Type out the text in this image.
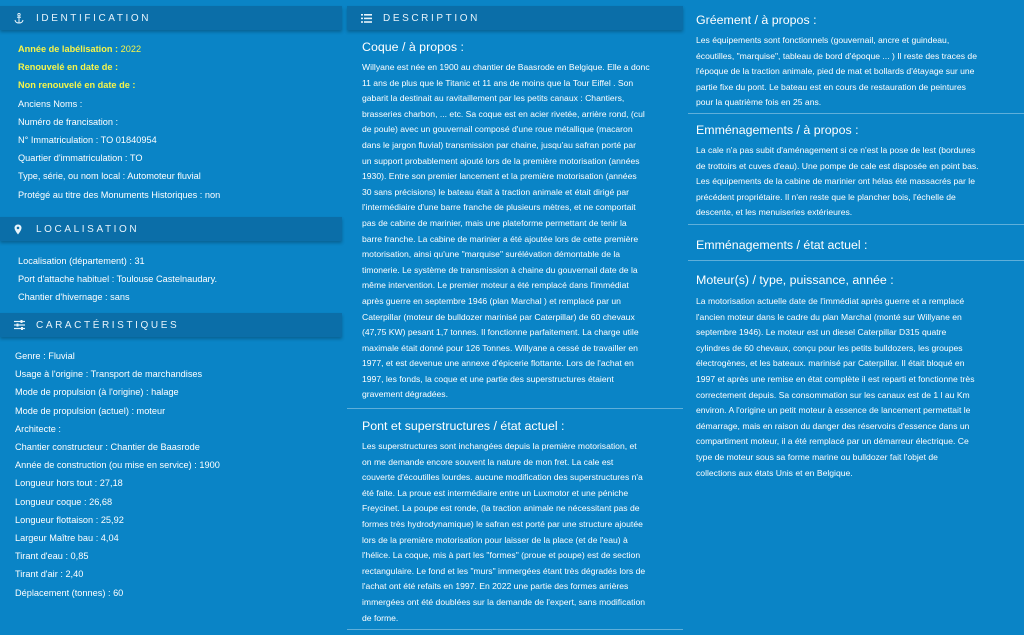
IDENTIFICATION
Année de labélisation : 2022
Renouvelé en date de :
Non renouvelé en date de :
Anciens Noms :
Numéro de francisation :
N° Immatriculation : TO 01840954
Quartier d'immatriculation : TO
Type, série, ou nom local : Automoteur fluvial
Protégé au titre des Monuments Historiques : non
LOCALISATION
Localisation (département) : 31
Port d'attache habituel : Toulouse Castelnaudary.
Chantier d'hivernage : sans
CARACTÉRISTIQUES
Genre : Fluvial
Usage à l'origine : Transport de marchandises
Mode de propulsion (à l'origine) : halage
Mode de propulsion (actuel) : moteur
Architecte :
Chantier constructeur : Chantier de Baasrode
Année de construction (ou mise en service) : 1900
Longueur hors tout : 27,18
Longueur coque : 26,68
Longueur flottaison : 25,92
Largeur Maître bau : 4,04
Tirant d'eau : 0,85
Tirant d'air : 2,40
Déplacement (tonnes) : 60
DESCRIPTION
Coque / à propos :
Willyane est née en 1900 au chantier de Baasrode en Belgique. Elle a donc
11 ans de plus que le Titanic et 11 ans de moins que la Tour Eiffel . Son
gabarit la destinait au ravitaillement par les petits canaux : Chantiers,
brasseries charbon, ... etc. Sa coque est en acier rivetée, arrière rond, (cul
de poule) avec un gouvernail composé d'une roue métallique (macaron
dans le jargon fluvial) transmission par chaine, jusqu'au safran porté par
un support probablement ajouté lors de la première motorisation (années
1930). Entre son premier lancement et la première motorisation (années
30 sans précisions) le bateau était à traction animale et était dirigé par
l'intermédiaire d'une barre franche de plusieurs mètres, et ne comportait
pas de cabine de marinier, mais une plateforme permettant de tenir la
barre franche. La cabine de marinier a été ajoutée lors de cette première
motorisation, ainsi qu'une "marquise" surélévation démontable de la
timonerie. Le système de transmission à chaine du gouvernail date de la
même intervention. Le premier moteur a été remplacé dans l'immédiat
après guerre en septembre 1946 (plan Marchal ) et remplacé par un
Caterpillar (moteur de bulldozer marinisé par Caterpillar) de 60 chevaux
(47,75 KW) pesant 1,7 tonnes. Il fonctionne parfaitement. La charge utile
maximale était donné pour 126 Tonnes. Willyane a cessé de travailler en
1977, et est devenue une annexe d'épicerie flottante. Lors de l'achat en
1997, les fonds, la coque et une partie des superstructures étaient
gravement dégradées.
Pont et superstructures / état actuel :
Les superstructures sont inchangées depuis la première motorisation, et
on me demande encore souvent la nature de mon fret. La cale est
couverte d'écoutilles lourdes. aucune modification des superstructures n'a
été faite. La proue est intermédiaire entre un Luxmotor et une péniche
Freycinet. La poupe est ronde, (la traction animale ne nécessitant pas de
formes très hydrodynamique) le safran est porté par une structure ajoutée
lors de la première motorisation pour laisser de la place (et de l'eau) à
l'hélice. La coque, mis à part les "formes" (proue et poupe) est de section
rectangulaire. Le fond et les "murs" immergées étant très dégradés lors de
l'achat ont été refaits en 1997. En 2022 une partie des formes arrières
immergées ont été doublées sur la demande de l'expert, sans modification
de forme.
Gréement / à propos :
Les équipements sont fonctionnels (gouvernail, ancre et guindeau,
écoutilles, "marquise", tableau de bord d'époque ... ) Il reste des traces de
l'époque de la traction animale, pied de mat et bollards d'étayage sur une
partie fixe du pont. Le bateau est en cours de restauration de peintures
pour la quatrième fois en 25 ans.
Emménagements / à propos :
La cale n'a pas subit d'aménagement si ce n'est la pose de lest (bordures
de trottoirs et cuves d'eau). Une pompe de cale est disposée en point bas.
Les équipements de la cabine de marinier ont hélas été massacrés par le
précédent propriétaire. Il n'en reste que le plancher bois, l'échelle de
descente, et les menuiseries extérieures.
Emménagements / état actuel :
Moteur(s) / type, puissance, année :
La motorisation actuelle date de l'immédiat après guerre et a remplacé
l'ancien moteur dans le cadre du plan Marchal (monté sur Willyane en
septembre 1946). Le moteur est un diesel Caterpillar D315 quatre
cylindres de 60 chevaux, conçu pour les petits bulldozers, les groupes
électrogènes, et les bateaux. marinisé par Caterpillar. Il était bloqué en
1997 et après une remise en état complète il est reparti et fonctionne très
correctement depuis. Sa consommation sur les canaux est de 1 l au Km
environ. A l'origine un petit moteur à essence de lancement permettait le
démarrage, mais en raison du danger des réservoirs d'essence dans un
compartiment moteur, il a été remplacé par un démarreur électrique. Ce
type de moteur sous sa forme marine ou bulldozer fait l'objet de
collections aux états Unis et en Belgique.
